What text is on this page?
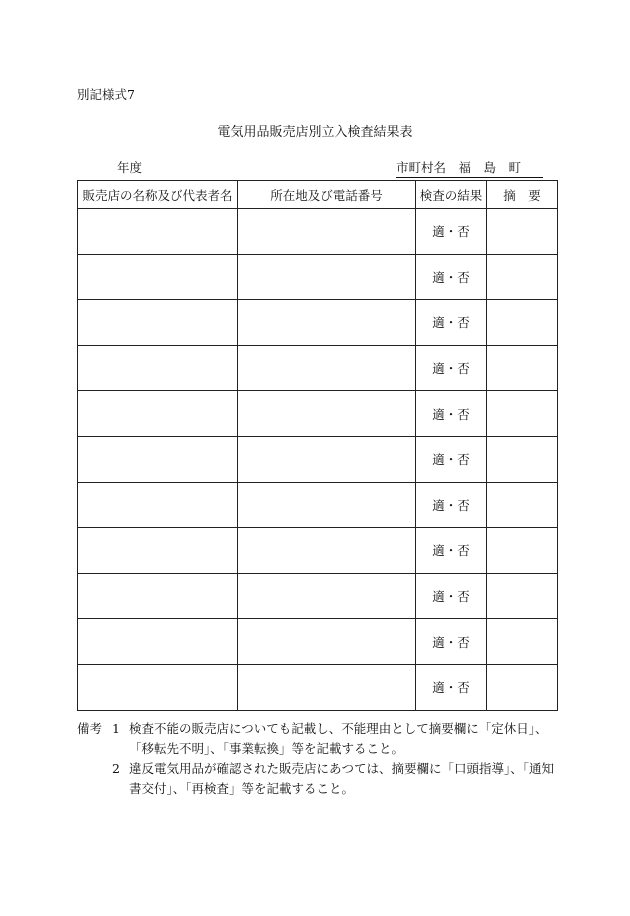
別記様式7
電気用品販売店別立入検査結果表
年度	市町村名　福　島　町
販売店の名称及び代表者名	所在地及び電話番号	検査の結果	摘　要
		適・否	
		適・否	
		適・否	
		適・否	
		適・否	
		適・否	
		適・否	
		適・否	
		適・否	
		適・否	
		適・否	
備考 1 検査不能の販売店についても記載し、不能理由として摘要欄に「定休日」、「移転先不明」、「事業転換」等を記載すること。
2 違反電気用品が確認された販売店にあつては、摘要欄に「口頭指導」、「通知書交付」、「再検査」等を記載すること。
